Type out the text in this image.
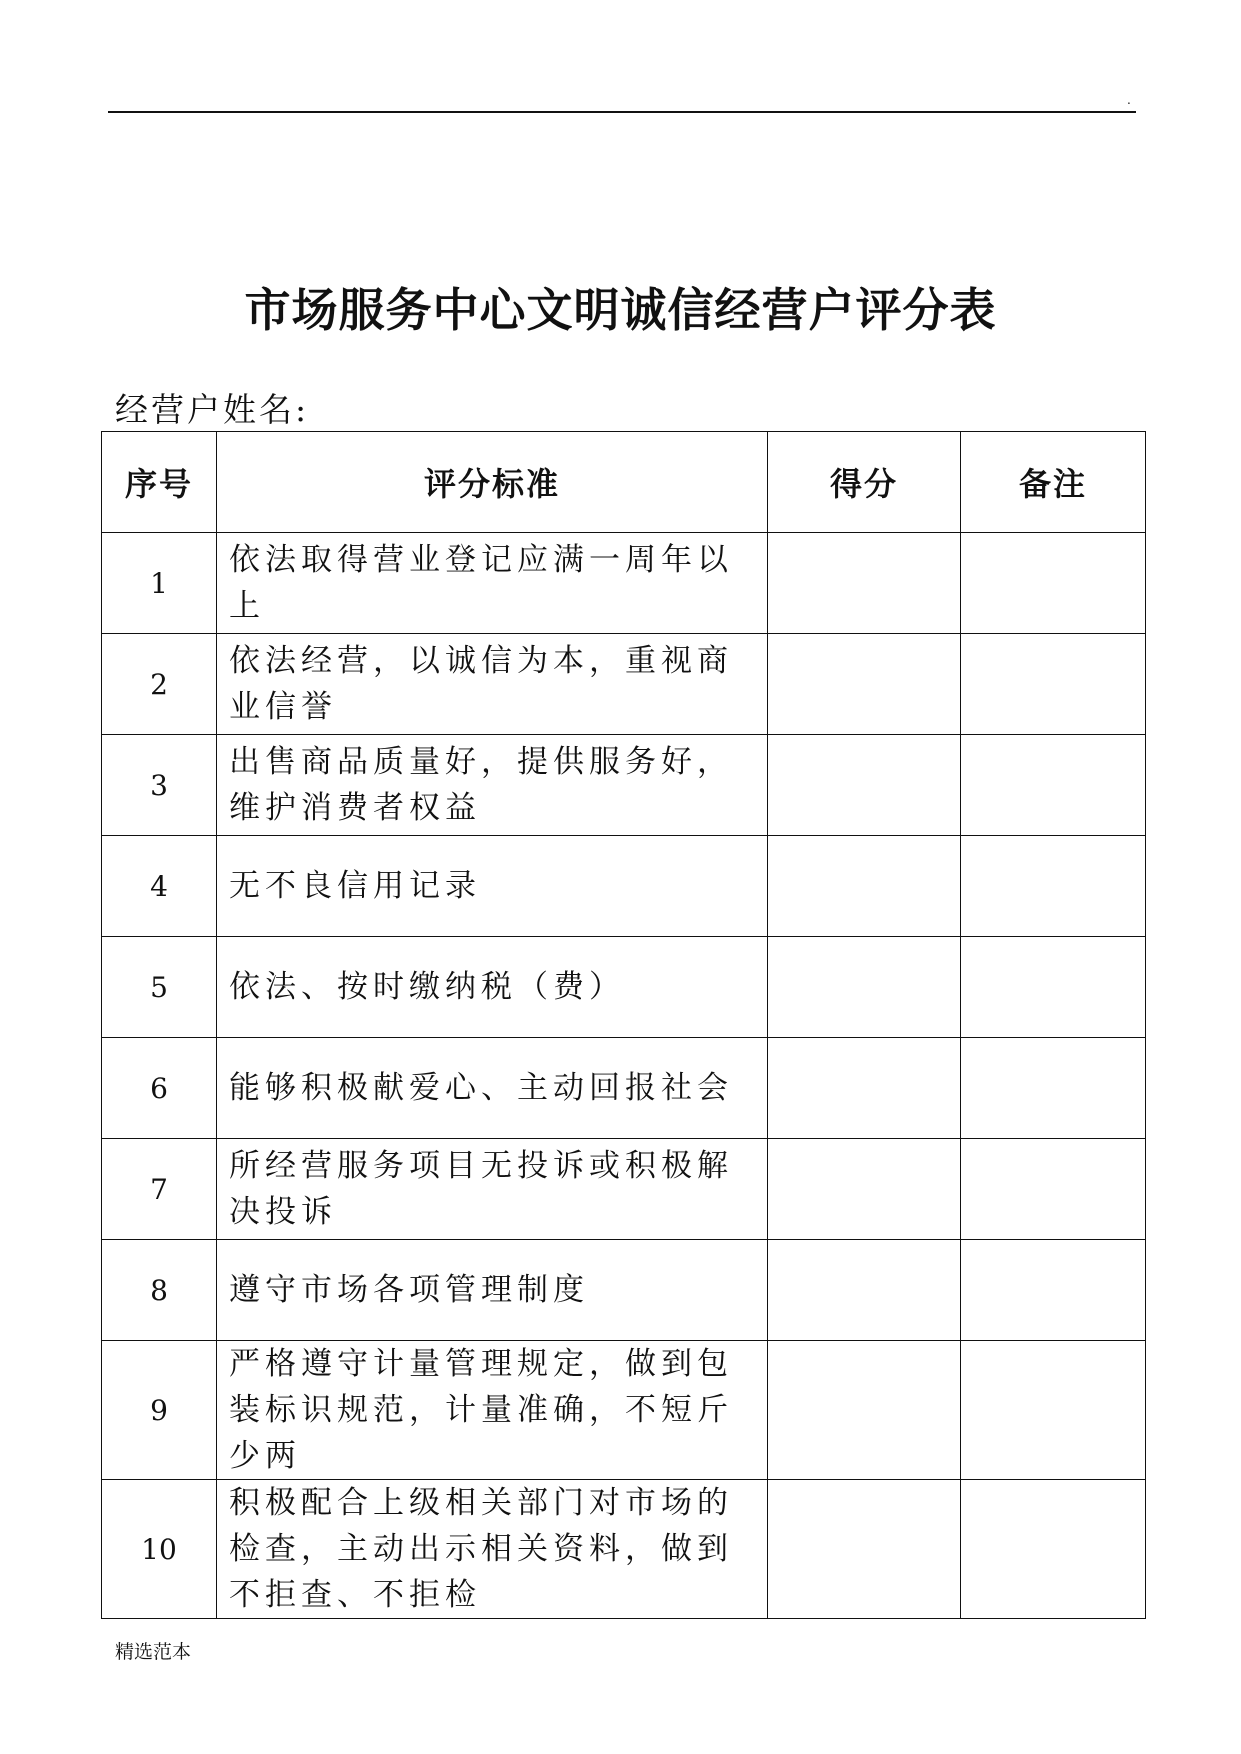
.
市场服务中心文明诚信经营户评分表
经营户姓名:
序号	评分标准	得分	备注
1	依法取得营业登记应满一周年以上		
2	依法经营，以诚信为本，重视商业信誉		
3	出售商品质量好，提供服务好，维护消费者权益		
4	无不良信用记录		
5	依法、按时缴纳税（费）		
6	能够积极献爱心、主动回报社会		
7	所经营服务项目无投诉或积极解决投诉		
8	遵守市场各项管理制度		
9	严格遵守计量管理规定，做到包装标识规范，计量准确，不短斤少两		
10	积极配合上级相关部门对市场的检查，主动出示相关资料，做到不拒查、不拒检		
精选范本
